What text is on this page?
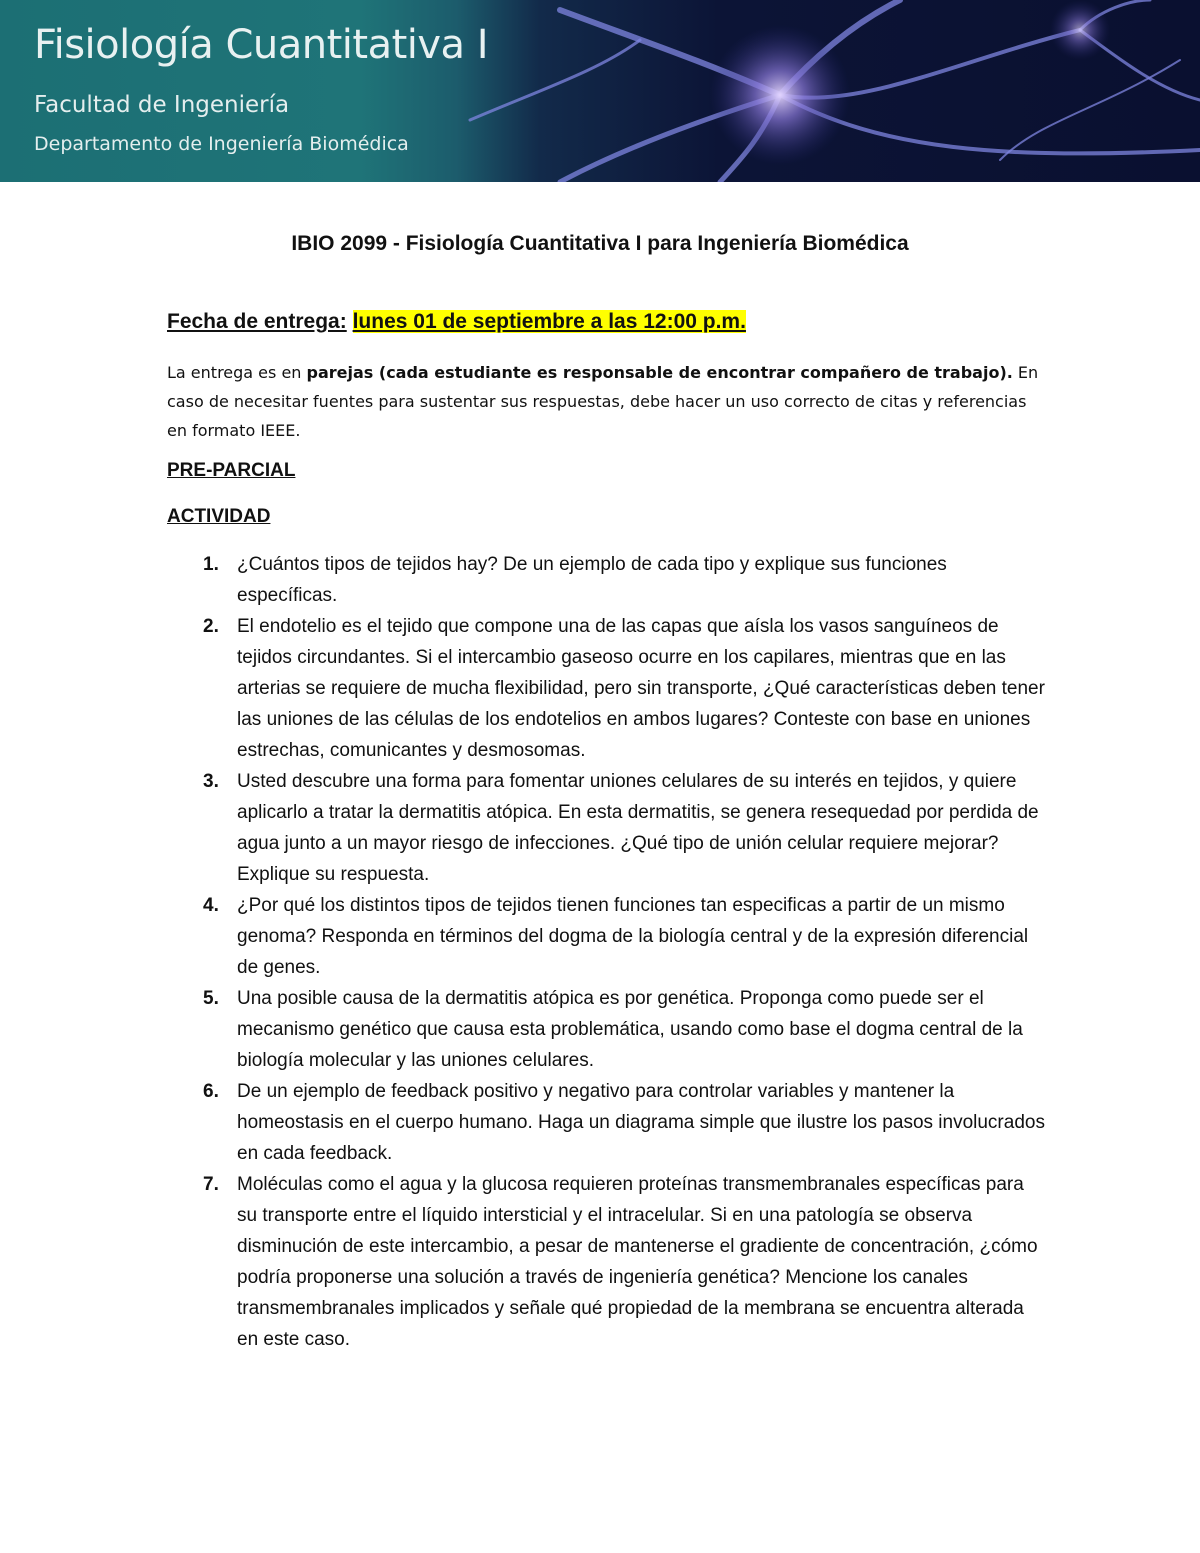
Fisiología Cuantitativa I
Facultad de Ingeniería
Departamento de Ingeniería Biomédica
IBIO 2099 - Fisiología Cuantitativa I para Ingeniería Biomédica
Fecha de entrega: lunes 01 de septiembre a las 12:00 p.m.
La entrega es en parejas (cada estudiante es responsable de encontrar compañero de trabajo). En caso de necesitar fuentes para sustentar sus respuestas, debe hacer un uso correcto de citas y referencias en formato IEEE.
PRE-PARCIAL
ACTIVIDAD
1. ¿Cuántos tipos de tejidos hay? De un ejemplo de cada tipo y explique sus funciones específicas.
2. El endotelio es el tejido que compone una de las capas que aísla los vasos sanguíneos de tejidos circundantes. Si el intercambio gaseoso ocurre en los capilares, mientras que en las arterias se requiere de mucha flexibilidad, pero sin transporte, ¿Qué características deben tener las uniones de las células de los endotelios en ambos lugares? Conteste con base en uniones estrechas, comunicantes y desmosomas.
3. Usted descubre una forma para fomentar uniones celulares de su interés en tejidos, y quiere aplicarlo a tratar la dermatitis atópica. En esta dermatitis, se genera resequedad por perdida de agua junto a un mayor riesgo de infecciones. ¿Qué tipo de unión celular requiere mejorar? Explique su respuesta.
4. ¿Por qué los distintos tipos de tejidos tienen funciones tan especificas a partir de un mismo genoma? Responda en términos del dogma de la biología central y de la expresión diferencial de genes.
5. Una posible causa de la dermatitis atópica es por genética. Proponga como puede ser el mecanismo genético que causa esta problemática, usando como base el dogma central de la biología molecular y las uniones celulares.
6. De un ejemplo de feedback positivo y negativo para controlar variables y mantener la homeostasis en el cuerpo humano. Haga un diagrama simple que ilustre los pasos involucrados en cada feedback.
7. Moléculas como el agua y la glucosa requieren proteínas transmembranales específicas para su transporte entre el líquido intersticial y el intracelular. Si en una patología se observa disminución de este intercambio, a pesar de mantenerse el gradiente de concentración, ¿cómo podría proponerse una solución a través de ingeniería genética? Mencione los canales transmembranales implicados y señale qué propiedad de la membrana se encuentra alterada en este caso.
